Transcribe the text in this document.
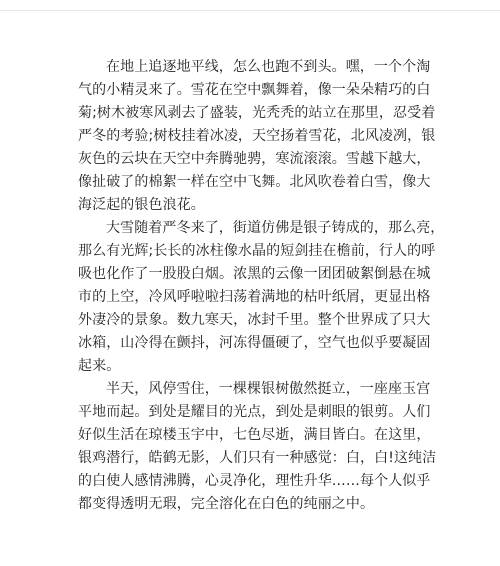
在地上追逐地平线，怎么也跑不到头。嘿，一个个淘
气的小精灵来了。雪花在空中飘舞着，像一朵朵精巧的白
菊;树木被寒风剥去了盛装，光秃秃的站立在那里，忍受着
严冬的考验;树枝挂着冰凌，天空扬着雪花，北风凌冽，银
灰色的云块在天空中奔腾驰骋，寒流滚滚。雪越下越大，
像扯破了的棉絮一样在空中飞舞。北风吹卷着白雪，像大
海泛起的银色浪花。
大雪随着严冬来了，街道仿佛是银子铸成的，那么亮，
那么有光辉;长长的冰柱像水晶的短剑挂在檐前，行人的呼
吸也化作了一股股白烟。浓黑的云像一团团破絮倒悬在城
市的上空，冷风呼啦啦扫荡着满地的枯叶纸屑，更显出格
外凄冷的景象。数九寒天，冰封千里。整个世界成了只大
冰箱，山冷得在颤抖，河冻得僵硬了，空气也似乎要凝固
起来。
半天，风停雪住，一棵棵银树傲然挺立，一座座玉宫
平地而起。到处是耀目的光点，到处是刺眼的银剪。人们
好似生活在琼楼玉宇中，七色尽逝，满目皆白。在这里，
银鸡潜行，皓鹤无影，人们只有一种感觉：白，白!这纯洁
的白使人感情沸腾，心灵净化，理性升华……每个人似乎
都变得透明无瑕，完全溶化在白色的纯丽之中。
